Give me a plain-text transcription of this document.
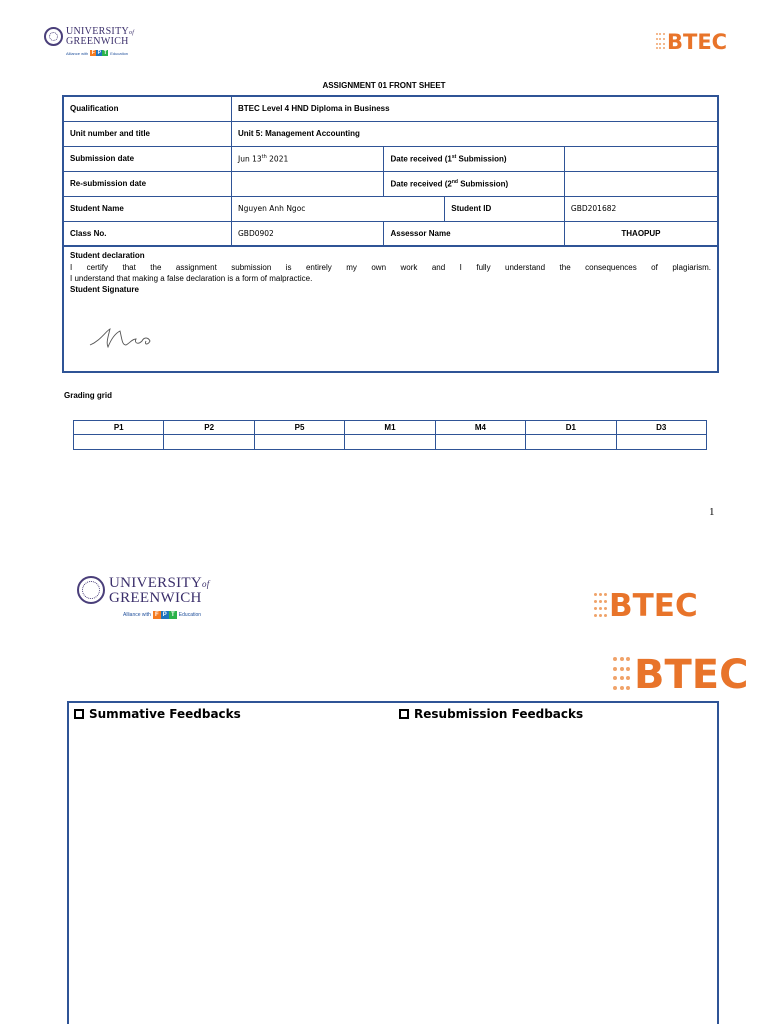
UNIVERSITYof
GREENWICH
Alliance with F P T Education	BTEC
ASSIGNMENT 01 FRONT SHEET
Qualification	BTEC Level 4 HND Diploma in Business			
Unit number and title	Unit 5: Management Accounting			
Submission date	Jun 13th 2021	Date received (1st Submission)		
Re-submission date		Date received (2nd Submission)		
Student Name	Nguyen Anh Ngoc		Student ID	GBD201682
Class No.	GBD0902	Assessor Name		THAOPUP
Student declaration
I certify that the assignment submission is entirely my own work and I fully understand the consequences of plagiarism.
I understand that making a false declaration is a form of malpractice.
Student Signature
Grading grid
P1	P2	P5	M1	M4	D1	D3

1
UNIVERSITYof
GREENWICH
Alliance with F P T Education	BTEC
BTEC
Summative Feedbacks	Resubmission Feedbacks
